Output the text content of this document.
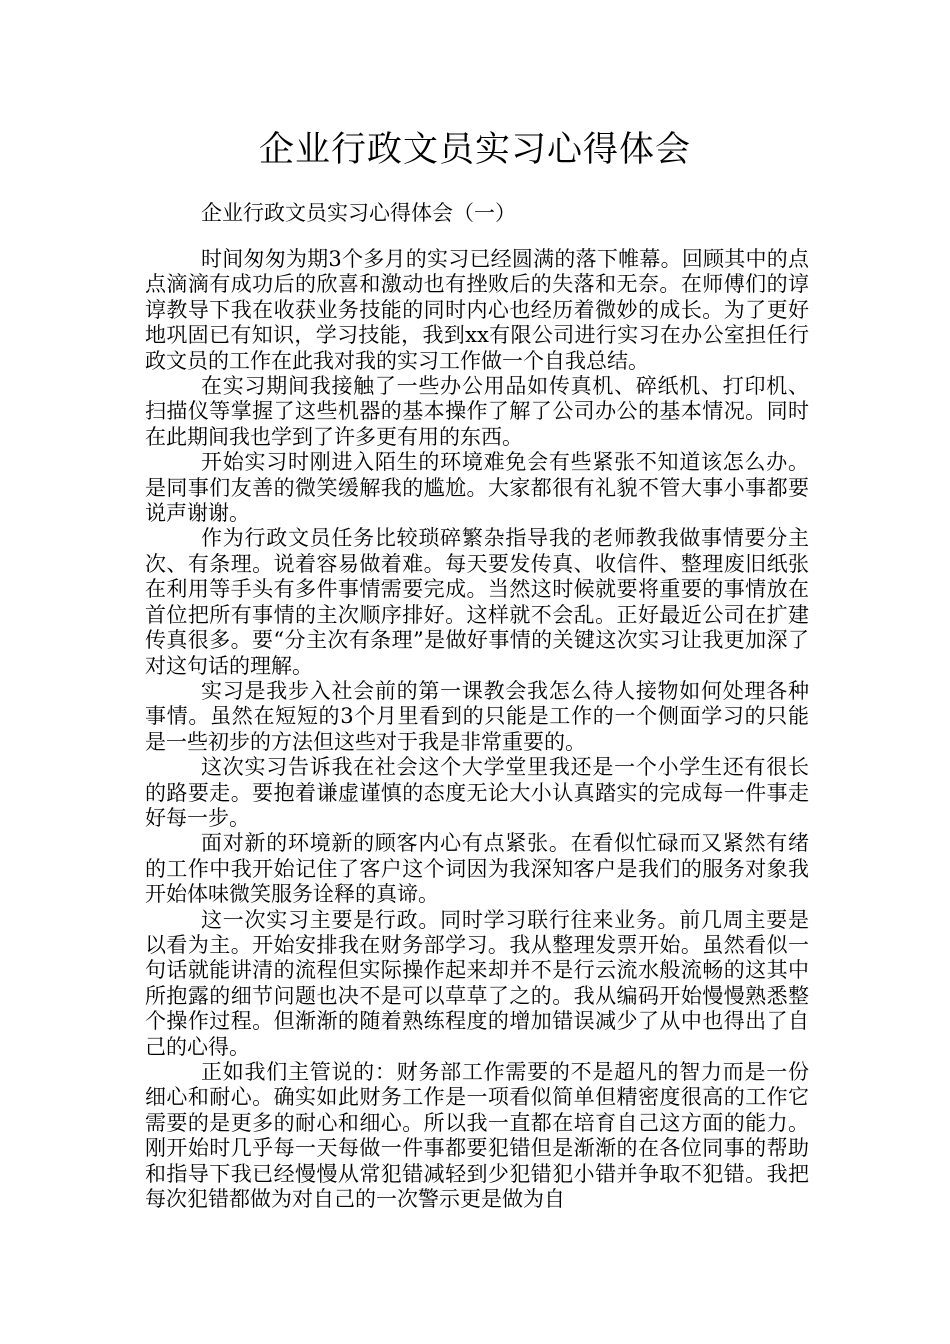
企业行政文员实习心得体会

企业行政文员实习心得体会（一）

时间匆匆为期3个多月的实习已经圆满的落下帷幕。回顾其中的点点滴滴有成功后的欣喜和激动也有挫败后的失落和无奈。在师傅们的谆谆教导下我在收获业务技能的同时内心也经历着微妙的成长。为了更好地巩固已有知识，学习技能，我到xx有限公司进行实习在办公室担任行政文员的工作在此我对我的实习工作做一个自我总结。

在实习期间我接触了一些办公用品如传真机、碎纸机、打印机、扫描仪等掌握了这些机器的基本操作了解了公司办公的基本情况。同时在此期间我也学到了许多更有用的东西。

开始实习时刚进入陌生的环境难免会有些紧张不知道该怎么办。是同事们友善的微笑缓解我的尴尬。大家都很有礼貌不管大事小事都要说声谢谢。

作为行政文员任务比较琐碎繁杂指导我的老师教我做事情要分主次、有条理。说着容易做着难。每天要发传真、收信件、整理废旧纸张在利用等手头有多件事情需要完成。当然这时候就要将重要的事情放在首位把所有事情的主次顺序排好。这样就不会乱。正好最近公司在扩建传真很多。要“分主次有条理”是做好事情的关键这次实习让我更加深了对这句话的理解。

实习是我步入社会前的第一课教会我怎么待人接物如何处理各种事情。虽然在短短的3个月里看到的只能是工作的一个侧面学习的只能是一些初步的方法但这些对于我是非常重要的。

这次实习告诉我在社会这个大学堂里我还是一个小学生还有很长的路要走。要抱着谦虚谨慎的态度无论大小认真踏实的完成每一件事走好每一步。

面对新的环境新的顾客内心有点紧张。在看似忙碌而又紧然有绪的工作中我开始记住了客户这个词因为我深知客户是我们的服务对象我开始体味微笑服务诠释的真谛。

这一次实习主要是行政。同时学习联行往来业务。前几周主要是以看为主。开始安排我在财务部学习。我从整理发票开始。虽然看似一句话就能讲清的流程但实际操作起来却并不是行云流水般流畅的这其中所抱露的细节问题也决不是可以草草了之的。我从编码开始慢慢熟悉整个操作过程。但渐渐的随着熟练程度的增加错误减少了从中也得出了自己的心得。

正如我们主管说的：财务部工作需要的不是超凡的智力而是一份细心和耐心。确实如此财务工作是一项看似简单但精密度很高的工作它需要的是更多的耐心和细心。所以我一直都在培育自己这方面的能力。刚开始时几乎每一天每做一件事都要犯错但是渐渐的在各位同事的帮助和指导下我已经慢慢从常犯错减轻到少犯错犯小错并争取不犯错。我把每次犯错都做为对自己的一次警示更是做为自
